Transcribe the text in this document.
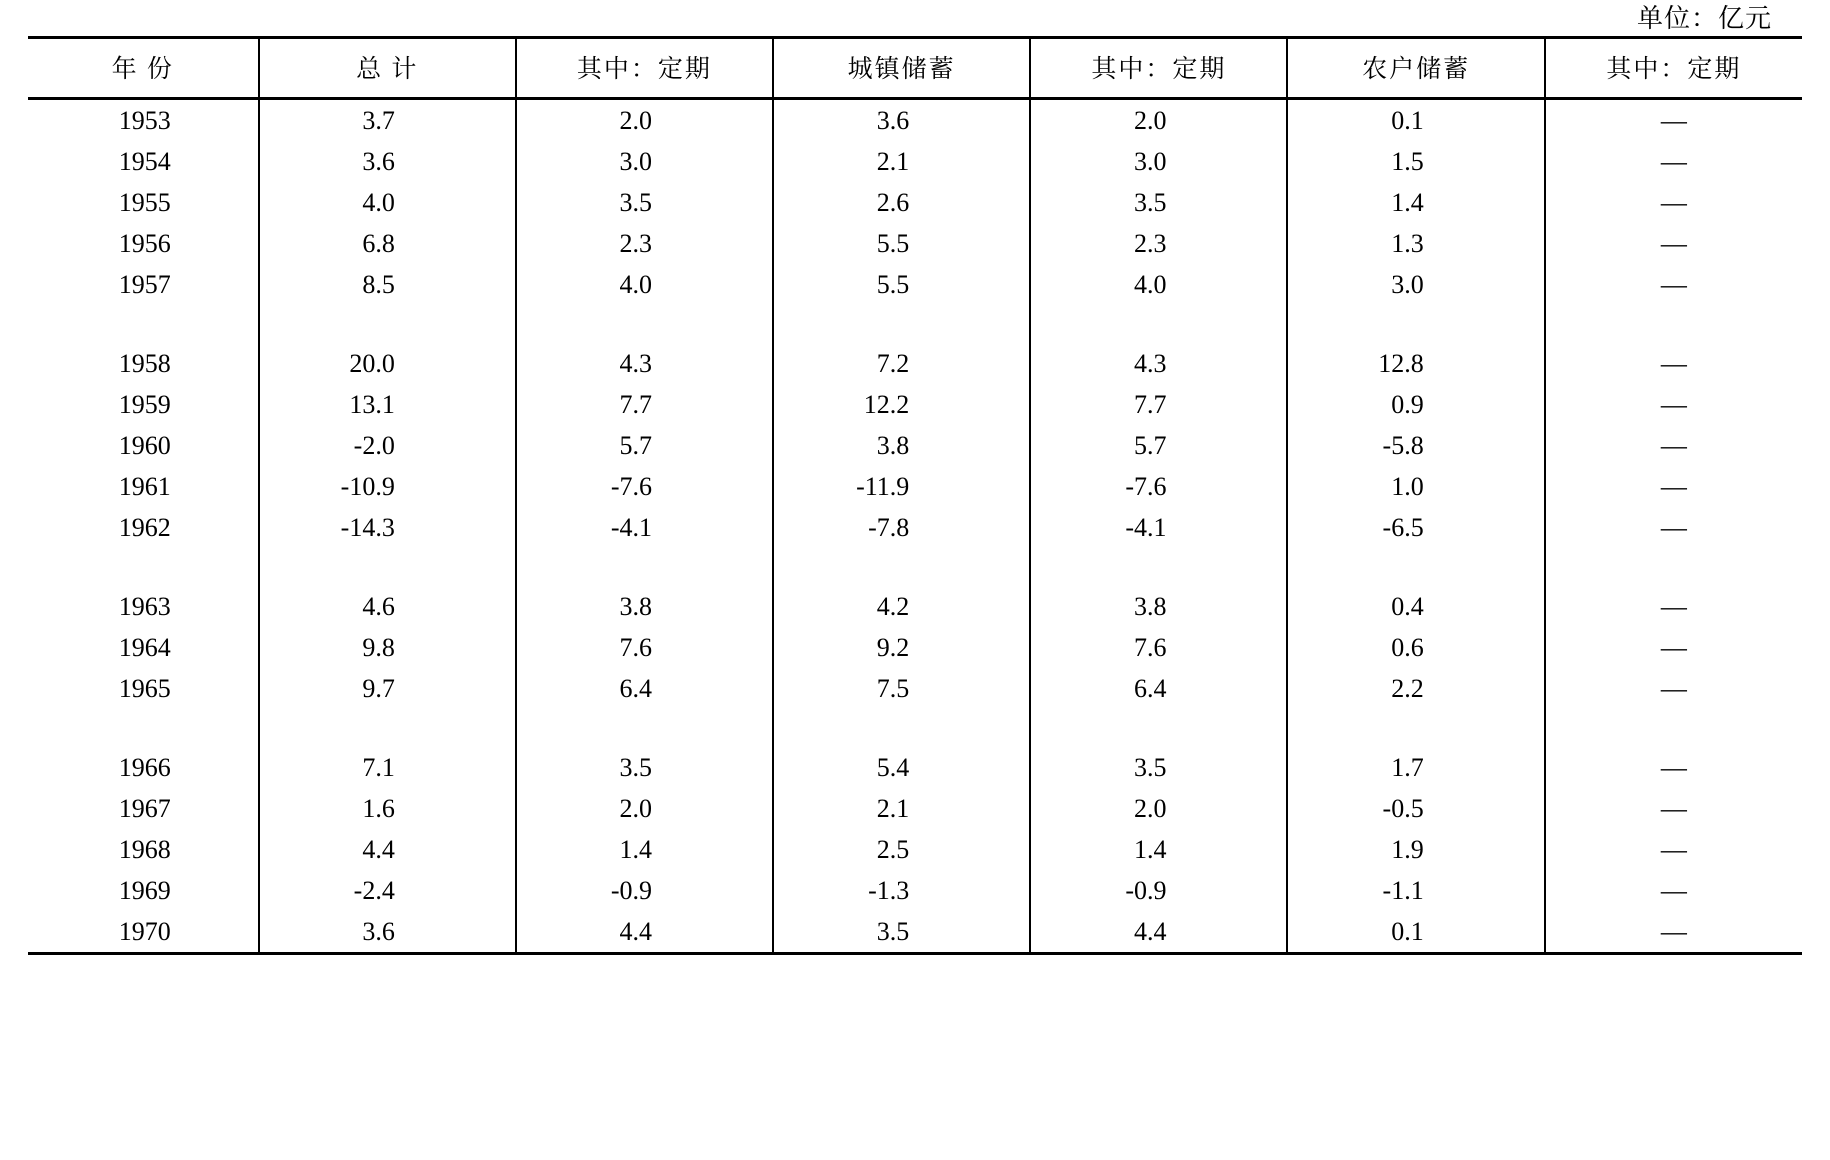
单位：亿元
年 份	总 计	其中：定期	城镇储蓄	其中：定期	农户储蓄	其中：定期
1953	3.7	2.0	3.6	2.0	0.1	—
1954	3.6	3.0	2.1	3.0	1.5	—
1955	4.0	3.5	2.6	3.5	1.4	—
1956	6.8	2.3	5.5	2.3	1.3	—
1957	8.5	4.0	5.5	4.0	3.0	—

1958	20.0	4.3	7.2	4.3	12.8	—
1959	13.1	7.7	12.2	7.7	0.9	—
1960	-2.0	5.7	3.8	5.7	-5.8	—
1961	-10.9	-7.6	-11.9	-7.6	1.0	—
1962	-14.3	-4.1	-7.8	-4.1	-6.5	—

1963	4.6	3.8	4.2	3.8	0.4	—
1964	9.8	7.6	9.2	7.6	0.6	—
1965	9.7	6.4	7.5	6.4	2.2	—

1966	7.1	3.5	5.4	3.5	1.7	—
1967	1.6	2.0	2.1	2.0	-0.5	—
1968	4.4	1.4	2.5	1.4	1.9	—
1969	-2.4	-0.9	-1.3	-0.9	-1.1	—
1970	3.6	4.4	3.5	4.4	0.1	—
